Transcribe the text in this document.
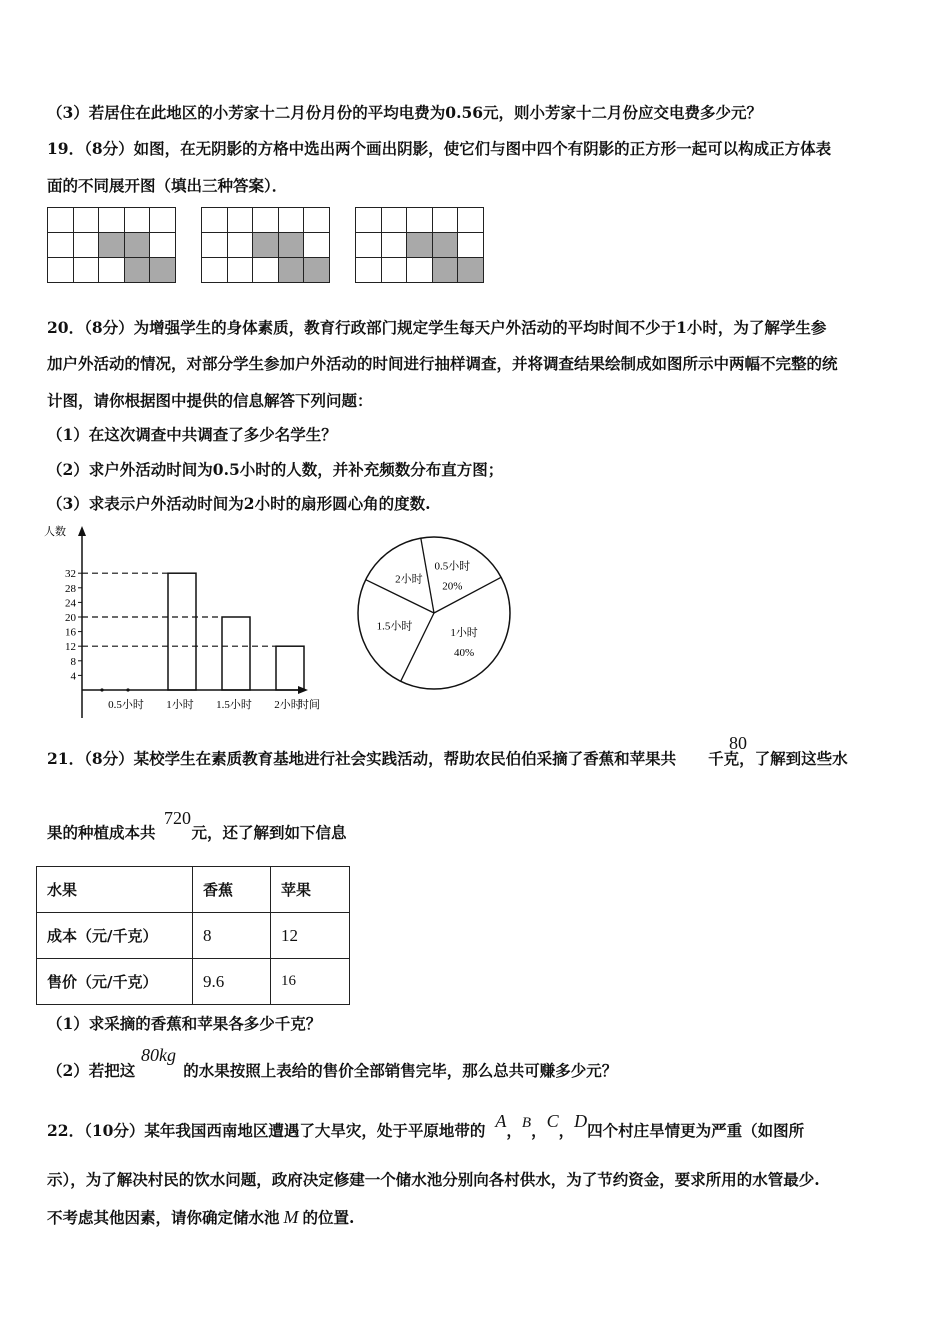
（3）若居住在此地区的小芳家十二月份月份的平均电费为0.56元，则小芳家十二月份应交电费多少元？
19．（8分）如图，在无阴影的方格中选出两个画出阴影，使它们与图中四个有阴影的正方形一起可以构成正方体表
面的不同展开图（填出三种答案）．

20．（8分）为增强学生的身体素质，教育行政部门规定学生每天户外活动的平均时间不少于1小时，为了解学生参
加户外活动的情况，对部分学生参加户外活动的时间进行抽样调查，并将调查结果绘制成如图所示中两幅不完整的统
计图，请你根据图中提供的信息解答下列问题：
（1）在这次调查中共调查了多少名学生？
（2）求户外活动时间为0.5小时的人数，并补充频数分布直方图；
（3）求表示户外活动时间为2小时的扇形圆心角的度数.
人数
时间
4
8
12
16
20
24
28
32
0.5小时 1小时 1.5小时 2小时
0.5小时
20%
1小时
40%
1.5小时
2小时
21．（8分）某校学生在素质教育基地进行社会实践活动，帮助农民伯伯采摘了香蕉和苹果共 千克，了解到这些水
80
果的种植成本共 元，还了解到如下信息
720
水果	香蕉	苹果
成本（元/千克）	8	12
售价（元/千克）	9.6	16
（1）求采摘的香蕉和苹果各多少千克？
（2）若把这	的水果按照上表给的售价全部销售完毕，那么总共可赚多少元？
80kg
22．（10分）某年我国西南地区遭遇了大旱灾，处于平原地带的 A，B，C，D四个村庄旱情更为严重（如图所
示），为了解决村民的饮水问题，政府决定修建一个储水池分别向各村供水，为了节约资金，要求所用的水管最少.
不考虑其他因素，请你确定储水池 M 的位置.
